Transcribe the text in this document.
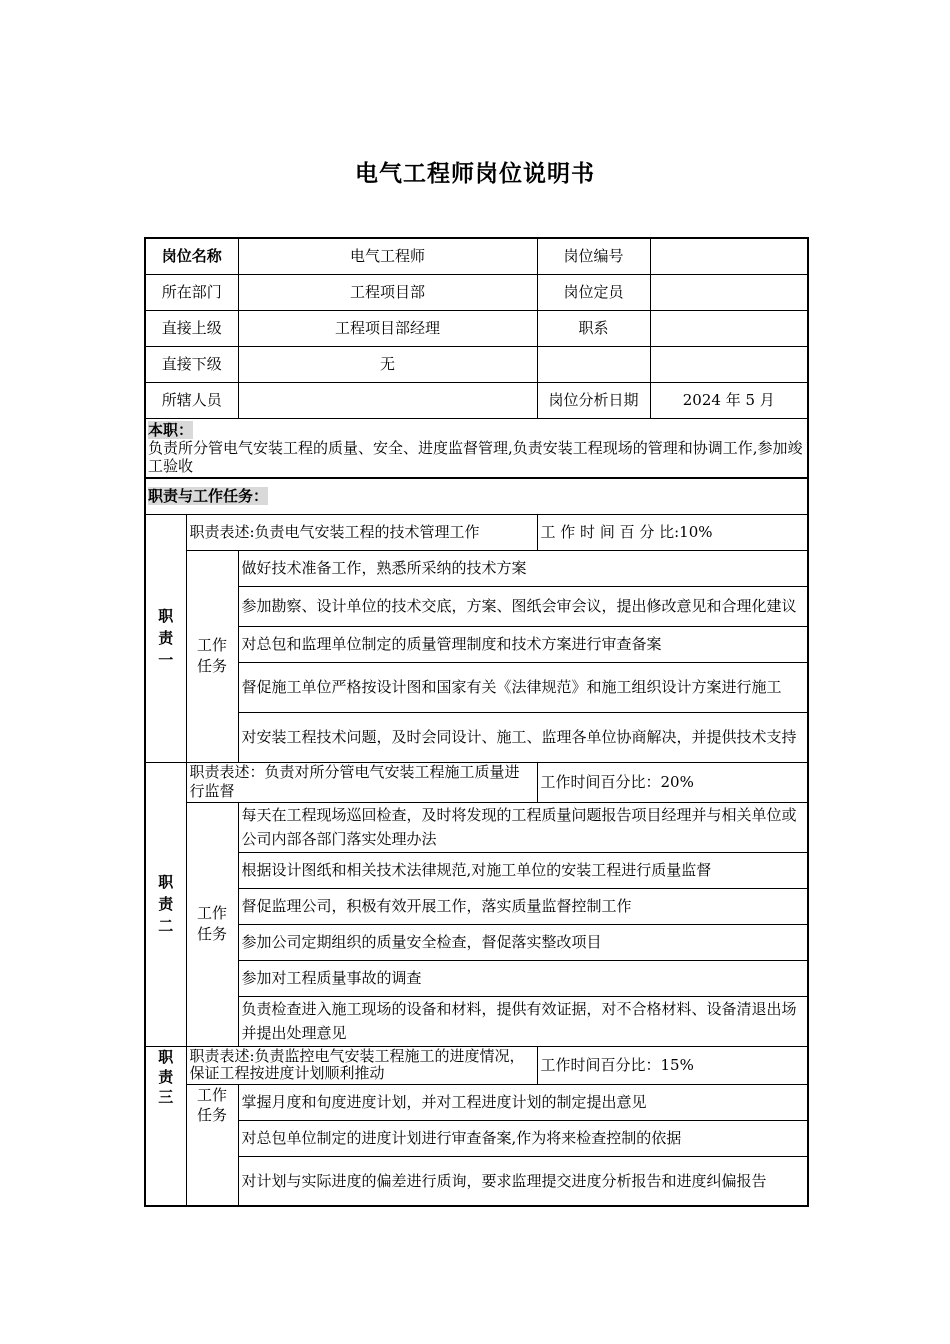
电气工程师岗位说明书
岗位名称		电气工程师	岗位编号	
所在部门		工程项目部	岗位定员	
直接上级		工程项目部经理	职系	
直接下级		无		
所辖人员			岗位分析日期	2024 年 5 月

本职：
负责所分管电气安装工程的质量、安全、进度监督管理,负责安装工程现场的管理和协调工作,参加竣工验收				

职责与工作任务：				

职责一	职责表述:负责电气安装工程的技术管理工作		工 作 时 间 百 分 比:10%	

	工作任务	做好技术准备工作，熟悉所采纳的技术方案		
		参加勘察、设计单位的技术交底，方案、图纸会审会议，提出修改意见和合理化建议		
		对总包和监理单位制定的质量管理制度和技术方案进行审查备案		
		督促施工单位严格按设计图和国家有关《法律规范》和施工组织设计方案进行施工		
		对安装工程技术问题，及时会同设计、施工、监理各单位协商解决，并提供技术支持		

职责二	职责表述：负责对所分管电气安装工程施工质量进行监督		工作时间百分比：20%	

	工作任务	每天在工程现场巡回检查，及时将发现的工程质量问题报告项目经理并与相关单位或公司内部各部门落实处理办法		
		根据设计图纸和相关技术法律规范,对施工单位的安装工程进行质量监督		
		督促监理公司，积极有效开展工作，落实质量监督控制工作		
		参加公司定期组织的质量安全检查，督促落实整改项目		
		参加对工程质量事故的调查		
		负责检查进入施工现场的设备和材料，提供有效证据，对不合格材料、设备清退出场并提出处理意见		

职责三	职责表述:负责监控电气安装工程施工的进度情况，保证工程按进度计划顺利推动		工作时间百分比：15%	

	工作任务	掌握月度和旬度进度计划，并对工程进度计划的制定提出意见		
		对总包单位制定的进度计划进行审查备案,作为将来检查控制的依据		
		对计划与实际进度的偏差进行质询，要求监理提交进度分析报告和进度纠偏报告		
